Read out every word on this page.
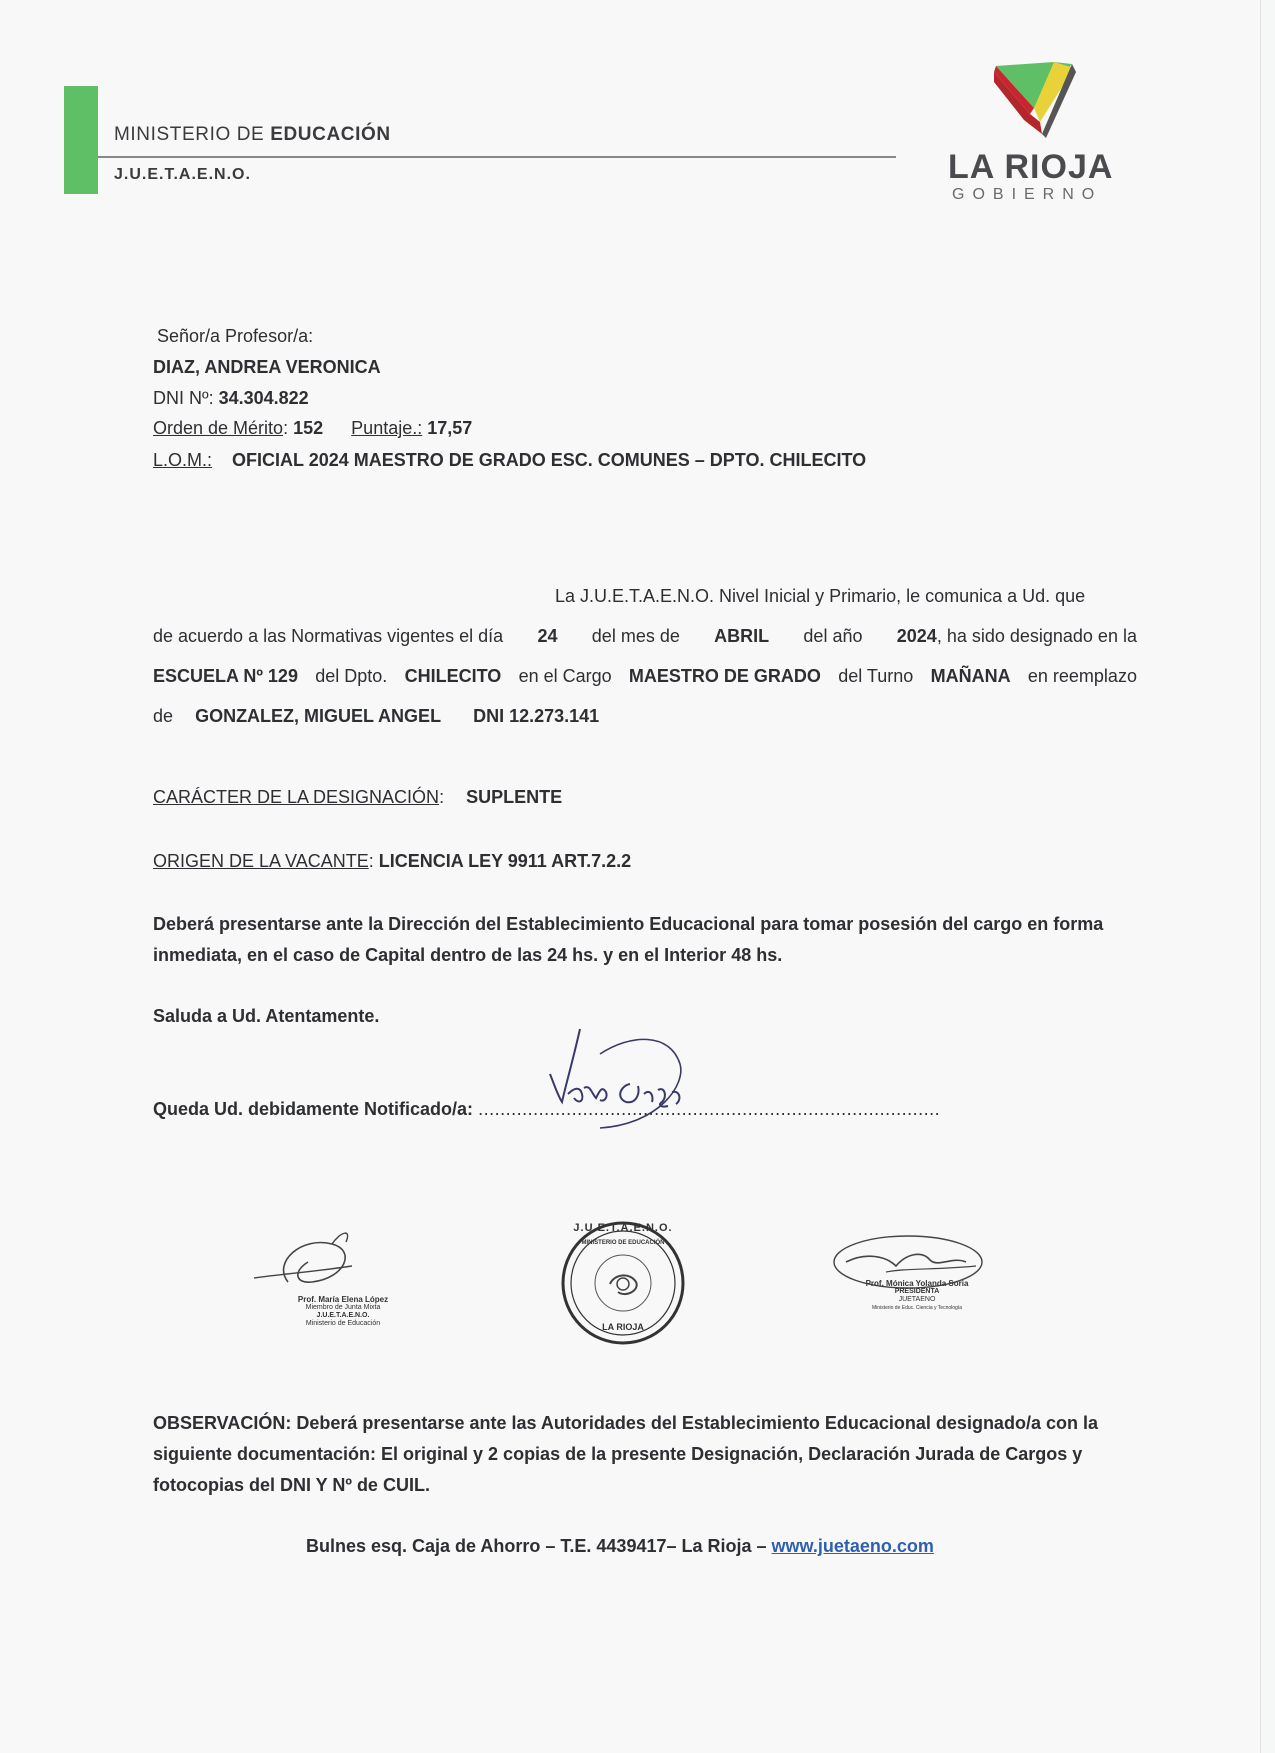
MINISTERIO DE EDUCACIÓN
J.U.E.T.A.E.N.O.	LA RIOJA
GOBIERNO
Señor/a Profesor/a:
DIAZ, ANDREA VERONICA
DNI Nº: 34.304.822
Orden de Mérito: 152 Puntaje.: 17,57
L.O.M.: OFICIAL 2024 MAESTRO DE GRADO ESC. COMUNES – DPTO. CHILECITO
La J.U.E.T.A.E.N.O. Nivel Inicial y Primario, le comunica a Ud. que
de acuerdo a las Normativas vigentes el día 24 del mes de ABRIL del año 2024, ha sido designado en la
ESCUELA Nº 129 del Dpto. CHILECITO en el Cargo MAESTRO DE GRADO del Turno MAÑANA en reemplazo
de GONZALEZ, MIGUEL ANGEL DNI 12.273.141
CARÁCTER DE LA DESIGNACIÓN: SUPLENTE
ORIGEN DE LA VACANTE: LICENCIA LEY 9911 ART.7.2.2
Deberá presentarse ante la Dirección del Establecimiento Educacional para tomar posesión del cargo en forma inmediata, en el caso de Capital dentro de las 24 hs. y en el Interior 48 hs.
Saluda a Ud. Atentamente.
Queda Ud. debidamente Notificado/a: ....................................................................................
Prof. María Elena López
Miembro de Junta Mixta
J.U.E.T.A.E.N.O.
Ministerio de Educación
J.U.E.T.A.E.N.O.
MINISTERIO DE EDUCACIÓN
LA RIOJA
Prof. Mónica Yolanda Soria
PRESIDENTA
JUETAENO
Ministerio de Educ. Ciencia y Tecnología
OBSERVACIÓN: Deberá presentarse ante las Autoridades del Establecimiento Educacional designado/a con la siguiente documentación: El original y 2 copias de la presente Designación, Declaración Jurada de Cargos y fotocopias del DNI Y Nº de CUIL.
Bulnes esq. Caja de Ahorro – T.E. 4439417– La Rioja – www.juetaeno.com
